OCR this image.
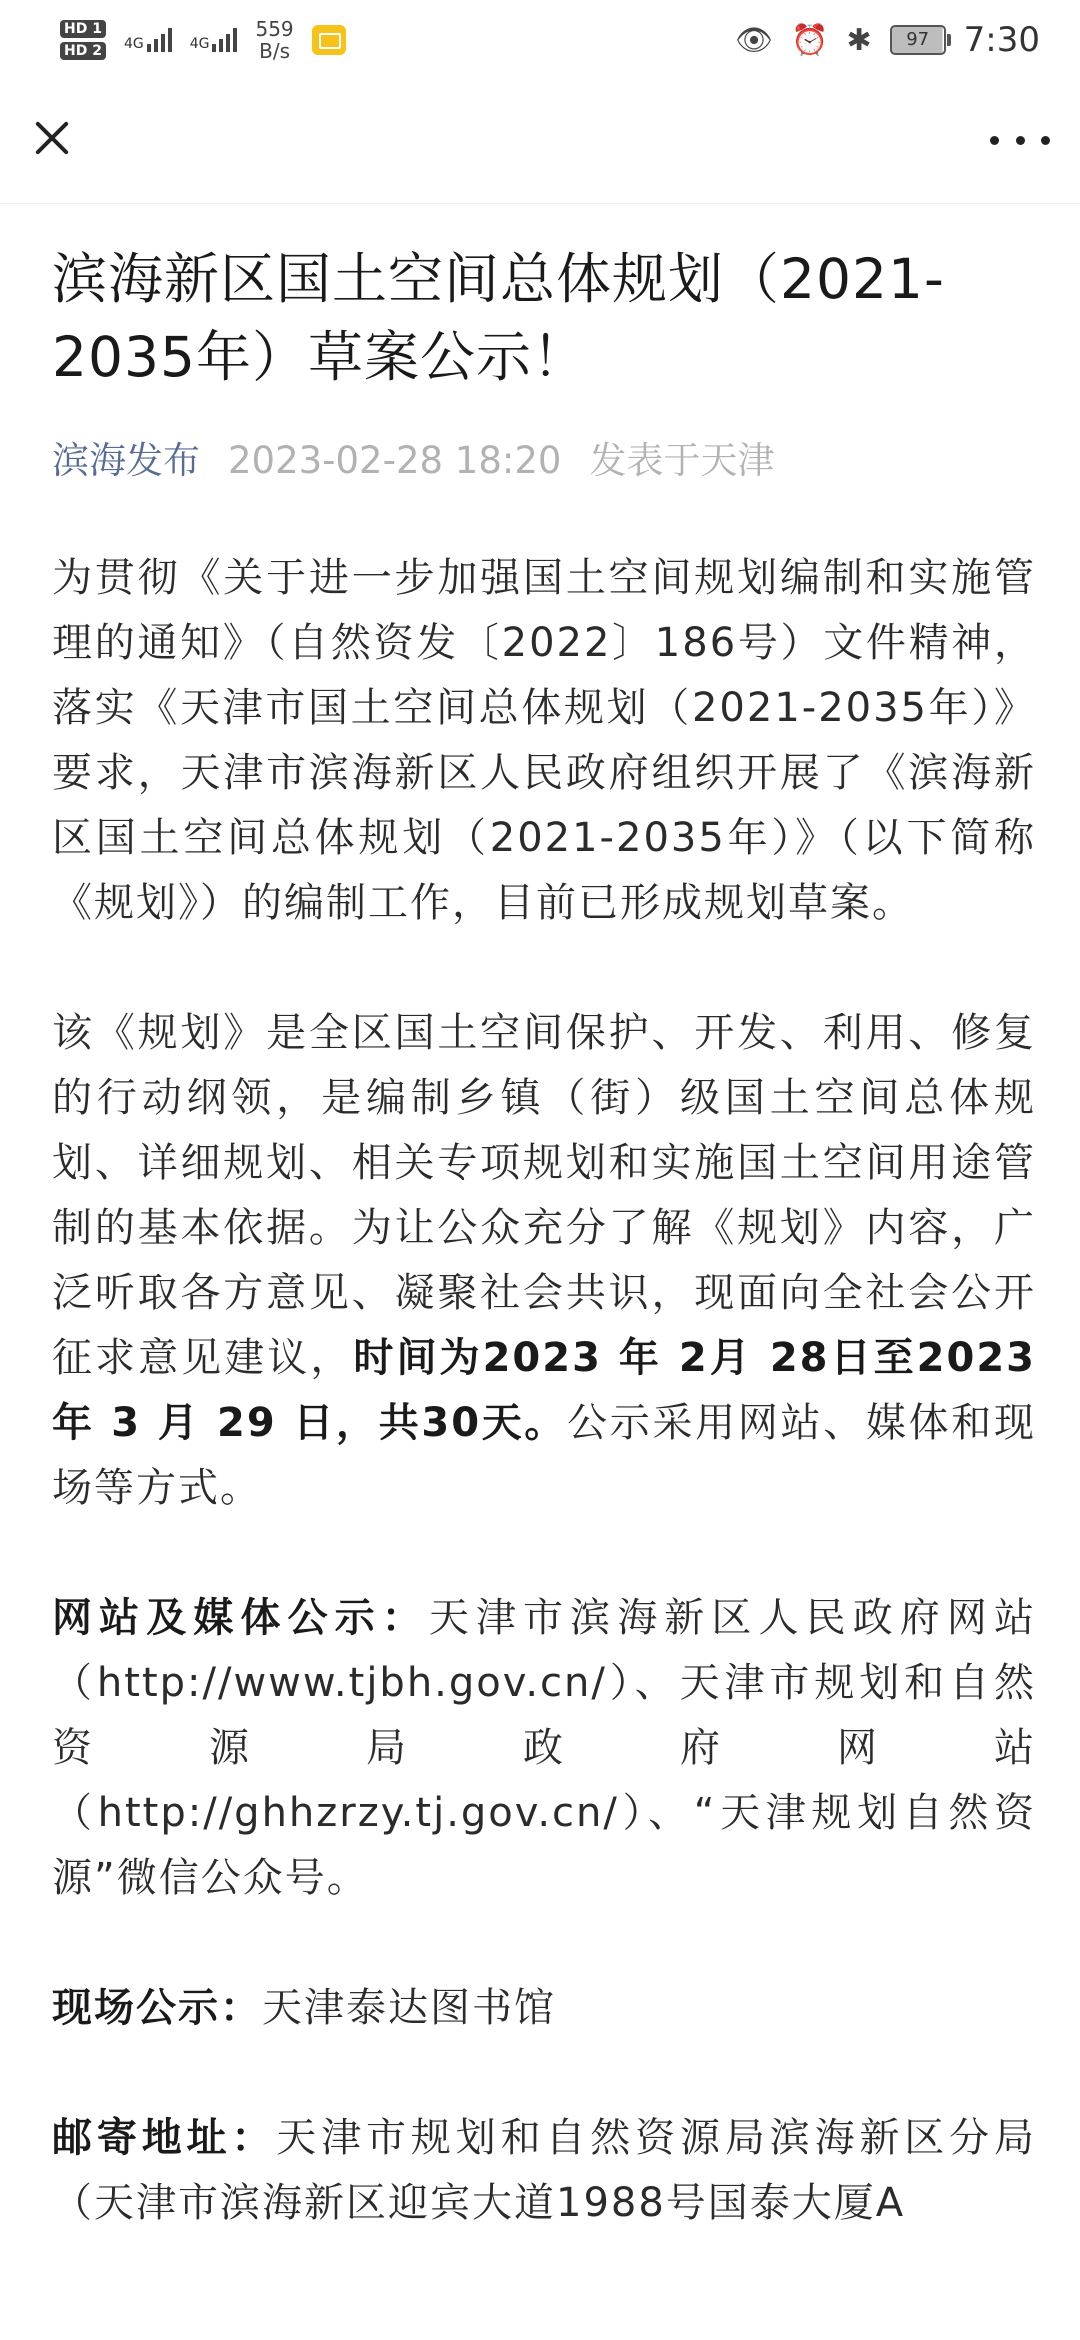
HD 1
HD 2 4G	4G
559
B/s	👁 ⏰ ✱	97	7:30
滨海新区国土空间总体规划（2021-2035年）草案公示！
滨海发布 2023-02-28 18:20 发表于天津

为贯彻《关于进一步加强国土空间规划编制和实施管理的通知》（自然资发〔2022〕186号）文件精神，落实《天津市国土空间总体规划（2021-2035年）》要求，天津市滨海新区人民政府组织开展了《滨海新区国土空间总体规划（2021-2035年）》（以下简称《规划》）的编制工作，目前已形成规划草案。

该《规划》是全区国土空间保护、开发、利用、修复的行动纲领，是编制乡镇（街）级国土空间总体规划、详细规划、相关专项规划和实施国土空间用途管制的基本依据。为让公众充分了解《规划》内容，广泛听取各方意见、凝聚社会共识，现面向全社会公开征求意见建议，时间为2023 年 2月 28日至2023 年 3 月 29 日，共30天。公示采用网站、媒体和现场等方式。

网站及媒体公示：天津市滨海新区人民政府网站（http://www.tjbh.gov.cn/）、天津市规划和自然资源局政府网站（http://ghhzrzy.tj.gov.cn/）、“天津规划自然资源”微信公众号。

现场公示：天津泰达图书馆

邮寄地址：天津市规划和自然资源局滨海新区分局（天津市滨海新区迎宾大道1988号国泰大厦A
